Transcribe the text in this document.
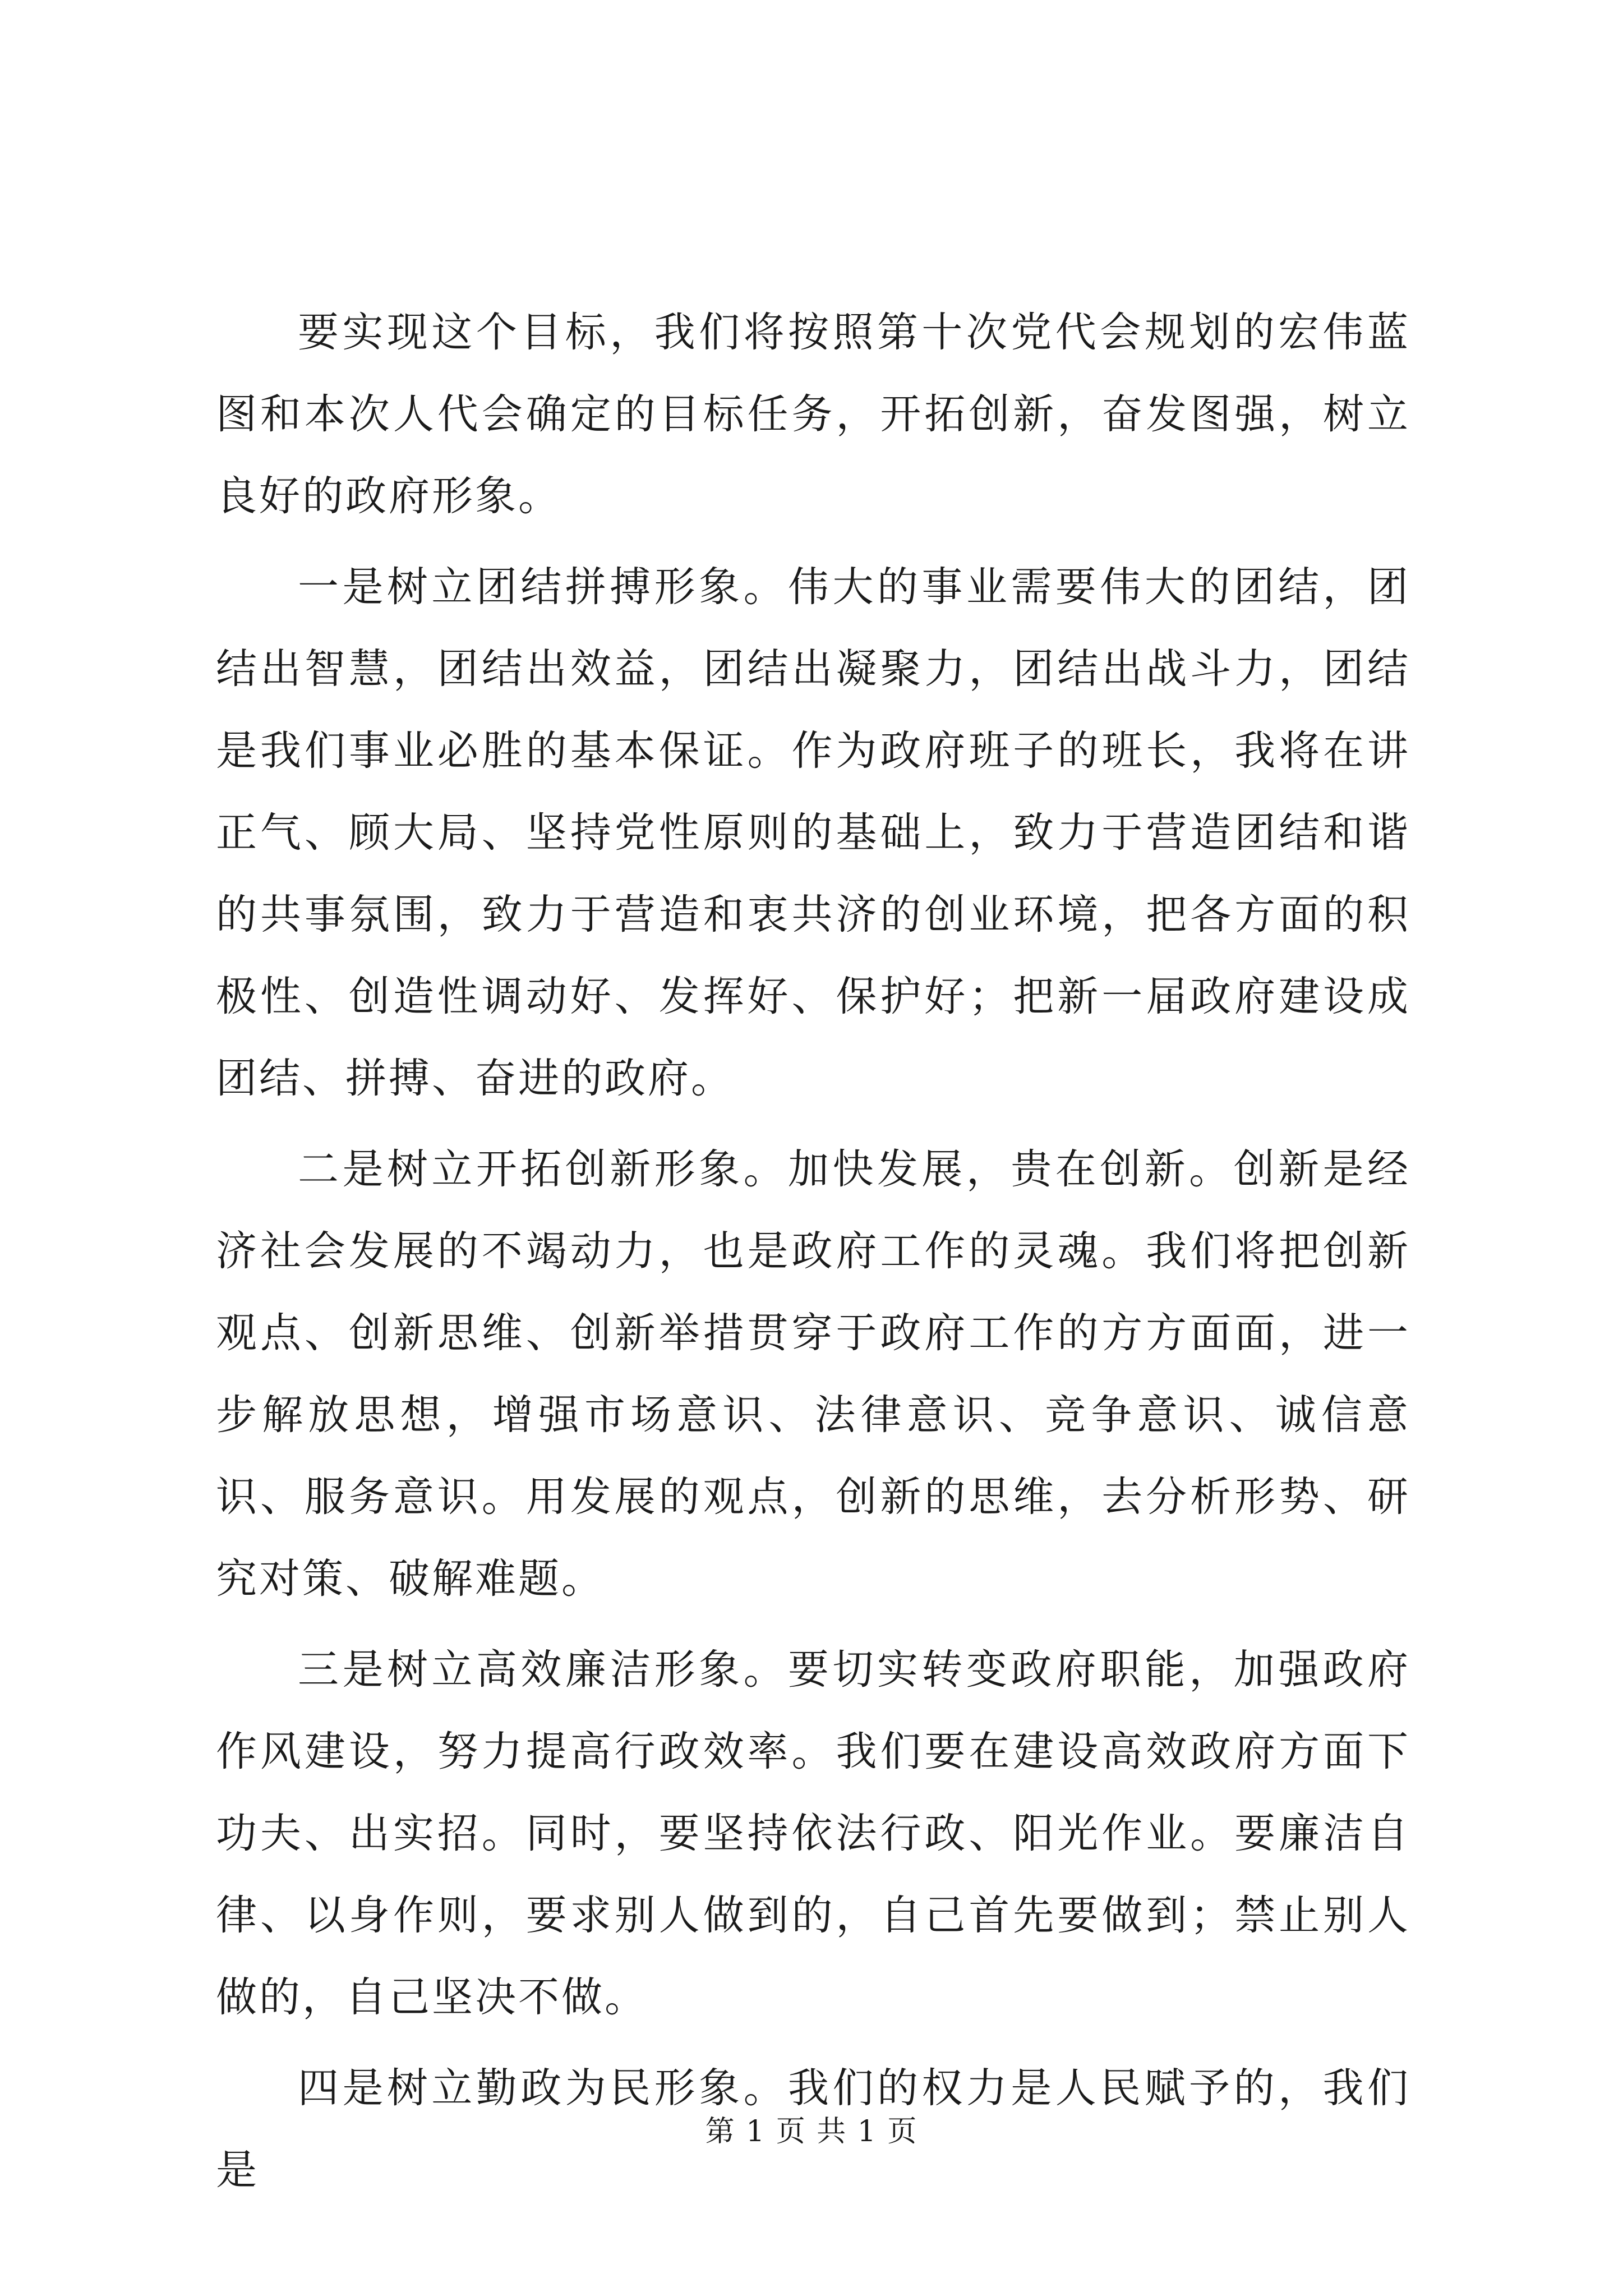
要实现这个目标，我们将按照第十次党代会规划的宏伟蓝图和本次人代会确定的目标任务，开拓创新，奋发图强，树立良好的政府形象。

一是树立团结拼搏形象。伟大的事业需要伟大的团结，团结出智慧，团结出效益，团结出凝聚力，团结出战斗力，团结是我们事业必胜的基本保证。作为政府班子的班长，我将在讲正气、顾大局、坚持党性原则的基础上，致力于营造团结和谐的共事氛围，致力于营造和衷共济的创业环境，把各方面的积极性、创造性调动好、发挥好、保护好；把新一届政府建设成团结、拼搏、奋进的政府。

二是树立开拓创新形象。加快发展，贵在创新。创新是经济社会发展的不竭动力，也是政府工作的灵魂。我们将把创新观点、创新思维、创新举措贯穿于政府工作的方方面面，进一步解放思想，增强市场意识、法律意识、竞争意识、诚信意识、服务意识。用发展的观点，创新的思维，去分析形势、研究对策、破解难题。

三是树立高效廉洁形象。要切实转变政府职能，加强政府作风建设，努力提高行政效率。我们要在建设高效政府方面下功夫、出实招。同时，要坚持依法行政、阳光作业。要廉洁自律、以身作则，要求别人做到的，自己首先要做到；禁止别人做的，自己坚决不做。

四是树立勤政为民形象。我们的权力是人民赋予的，我们是

第 1 页 共 1 页
